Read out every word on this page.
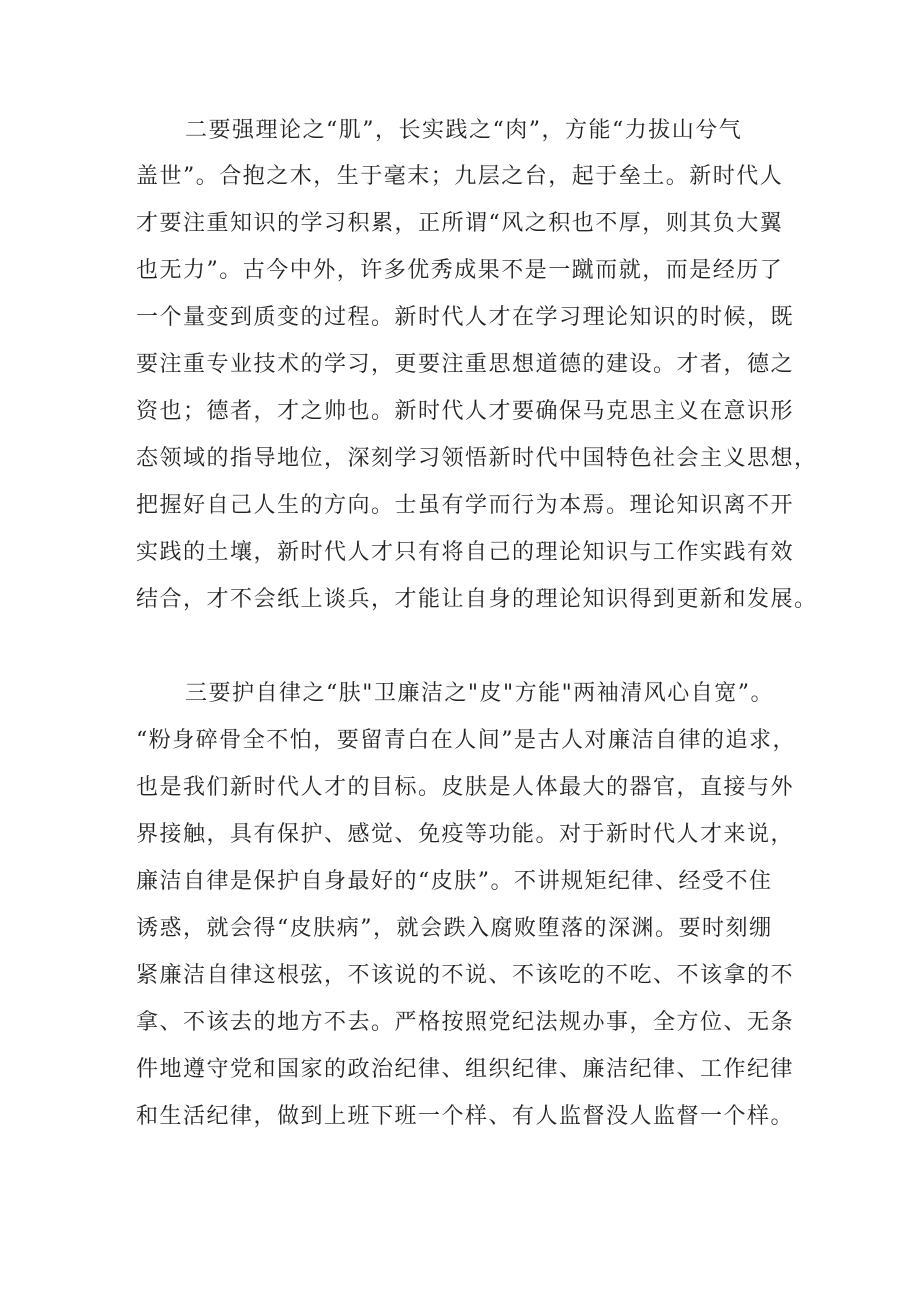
二要强理论之“肌”，长实践之“肉”，方能“力拔山兮气
盖世”。合抱之木，生于毫末；九层之台，起于垒土。新时代人
才要注重知识的学习积累，正所谓“风之积也不厚，则其负大翼
也无力”。古今中外，许多优秀成果不是一蹴而就，而是经历了
一个量变到质变的过程。新时代人才在学习理论知识的时候，既
要注重专业技术的学习，更要注重思想道德的建设。才者，德之
资也；德者，才之帅也。新时代人才要确保马克思主义在意识形
态领域的指导地位，深刻学习领悟新时代中国特色社会主义思想，
把握好自己人生的方向。士虽有学而行为本焉。理论知识离不开
实践的土壤，新时代人才只有将自己的理论知识与工作实践有效
结合，才不会纸上谈兵，才能让自身的理论知识得到更新和发展。
三要护自律之“肤"卫廉洁之"皮"方能"两袖清风心自宽”。
“粉身碎骨全不怕，要留青白在人间”是古人对廉洁自律的追求，
也是我们新时代人才的目标。皮肤是人体最大的器官，直接与外
界接触，具有保护、感觉、免疫等功能。对于新时代人才来说，
廉洁自律是保护自身最好的“皮肤”。不讲规矩纪律、经受不住
诱惑，就会得“皮肤病”，就会跌入腐败堕落的深渊。要时刻绷
紧廉洁自律这根弦，不该说的不说、不该吃的不吃、不该拿的不
拿、不该去的地方不去。严格按照党纪法规办事，全方位、无条
件地遵守党和国家的政治纪律、组织纪律、廉洁纪律、工作纪律
和生活纪律，做到上班下班一个样、有人监督没人监督一个样。
